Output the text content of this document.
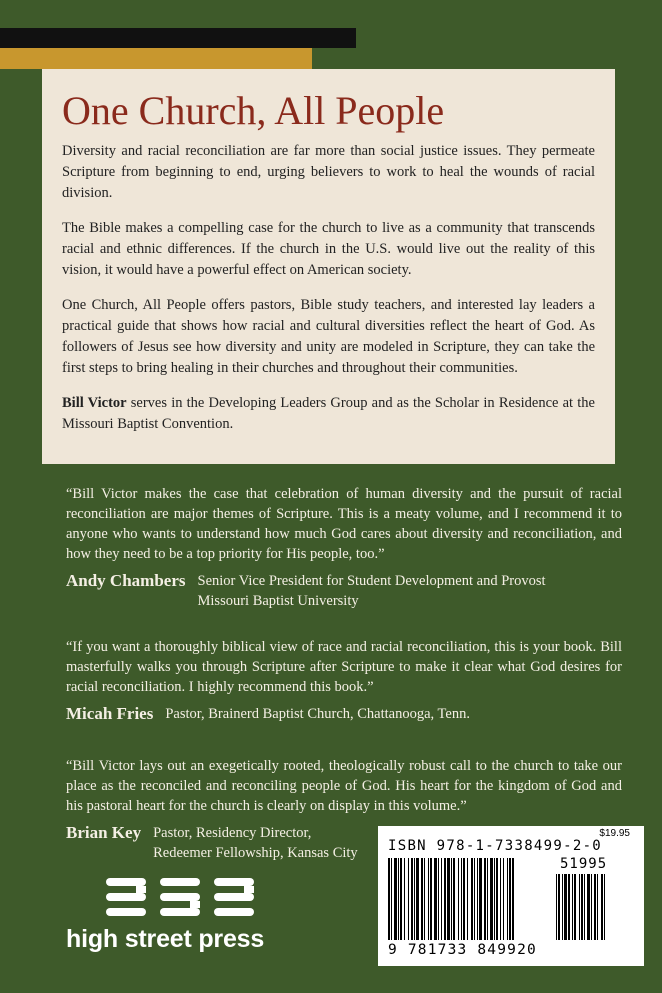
One Church, All People

Diversity and racial reconciliation are far more than social justice issues. They permeate Scripture from beginning to end, urging believers to work to heal the wounds of racial division.

The Bible makes a compelling case for the church to live as a community that transcends racial and ethnic differences. If the church in the U.S. would live out the reality of this vision, it would have a powerful effect on American society.

One Church, All People offers pastors, Bible study teachers, and interested lay leaders a practical guide that shows how racial and cultural diversities reflect the heart of God. As followers of Jesus see how diversity and unity are modeled in Scripture, they can take the first steps to bring healing in their churches and throughout their communities.

Bill Victor serves in the Developing Leaders Group and as the Scholar in Residence at the Missouri Baptist Convention.

“Bill Victor makes the case that celebration of human diversity and the pursuit of racial reconciliation are major themes of Scripture. This is a meaty volume, and I recommend it to anyone who wants to understand how much God cares about diversity and reconciliation, and how they need to be a top priority for His people, too.”

Andy Chambers Senior Vice President for Student Development and Provost
Missouri Baptist University

“If you want a thoroughly biblical view of race and racial reconciliation, this is your book. Bill masterfully walks you through Scripture after Scripture to make it clear what God desires for racial reconciliation. I highly recommend this book.”

Micah Fries Pastor, Brainerd Baptist Church, Chattanooga, Tenn.

“Bill Victor lays out an exegetically rooted, theologically robust call to the church to take our place as the reconciled and reconciling people of God. His heart for the kingdom of God and his pastoral heart for the church is clearly on display in this volume.”

Brian Key Pastor, Residency Director,
Redeemer Fellowship, Kansas City
high street press
$19.95
ISBN 978-1-7338499-2-0
51995
9 781733 849920
